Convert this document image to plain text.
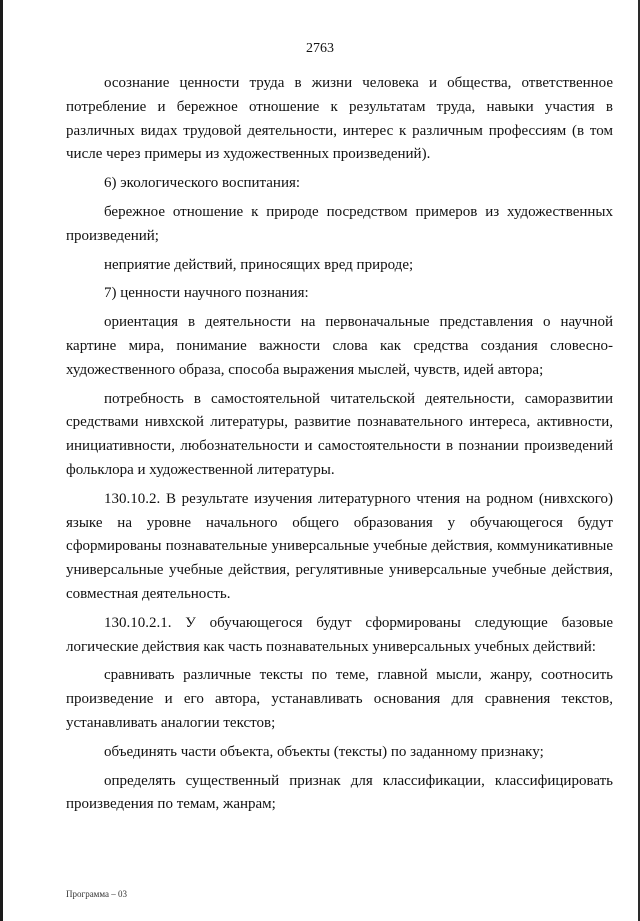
2763

осознание ценности труда в жизни человека и общества, ответственное потребление и бережное отношение к результатам труда, навыки участия в различных видах трудовой деятельности, интерес к различным профессиям (в том числе через примеры из художественных произведений).

6) экологического воспитания:

бережное отношение к природе посредством примеров из художественных произведений;

неприятие действий, приносящих вред природе;

7) ценности научного познания:

ориентация в деятельности на первоначальные представления о научной картине мира, понимание важности слова как средства создания словесно-художественного образа, способа выражения мыслей, чувств, идей автора;

потребность в самостоятельной читательской деятельности, саморазвитии средствами нивхской литературы, развитие познавательного интереса, активности, инициативности, любознательности и самостоятельности в познании произведений фольклора и художественной литературы.

130.10.2. В результате изучения литературного чтения на родном (нивхского) языке на уровне начального общего образования у обучающегося будут сформированы познавательные универсальные учебные действия, коммуникативные универсальные учебные действия, регулятивные универсальные учебные действия, совместная деятельность.

130.10.2.1. У обучающегося будут сформированы следующие базовые логические действия как часть познавательных универсальных учебных действий:

сравнивать различные тексты по теме, главной мысли, жанру, соотносить произведение и его автора, устанавливать основания для сравнения текстов, устанавливать аналогии текстов;

объединять части объекта, объекты (тексты) по заданному признаку;

определять существенный признак для классификации, классифицировать произведения по темам, жанрам;

Программа – 03
